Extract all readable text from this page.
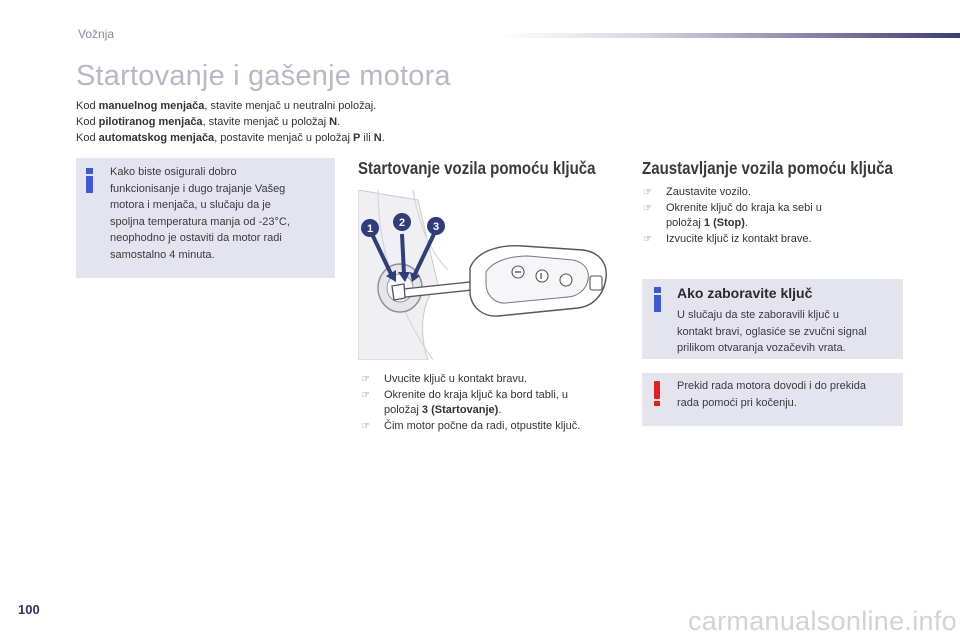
Vožnja
Startovanje i gašenje motora
Kod manuelnog menjača, stavite menjač u neutralni položaj.
Kod pilotiranog menjača, stavite menjač u položaj N.
Kod automatskog menjača, postavite menjač u položaj P ili N.
Kako biste osigurali dobro
funkcionisanje i dugo trajanje Vašeg
motora i menjača, u slučaju da je
spoljna temperatura manja od -23°C,
neophodno je ostaviti da motor radi
samostalno 4 minuta.
Startovanje vozila pomoću ključa
1 2	3
☞ Uvucite ključ u kontakt bravu.
☞ Okrenite do kraja ključ ka bord tabli, u
položaj 3 (Startovanje).
☞ Čim motor počne da radi, otpustite ključ.
Zaustavljanje vozila pomoću ključa
☞ Zaustavite vozilo.
☞ Okrenite ključ do kraja ka sebi u
položaj 1 (Stop).
☞ Izvucite ključ iz kontakt brave.
Ako zaboravite ključ
U slučaju da ste zaboravili ključ u
kontakt bravi, oglasiće se zvučni signal
prilikom otvaranja vozačevih vrata.
Prekid rada motora dovodi i do prekida
rada pomoći pri kočenju.
100	carmanualsonline.info
